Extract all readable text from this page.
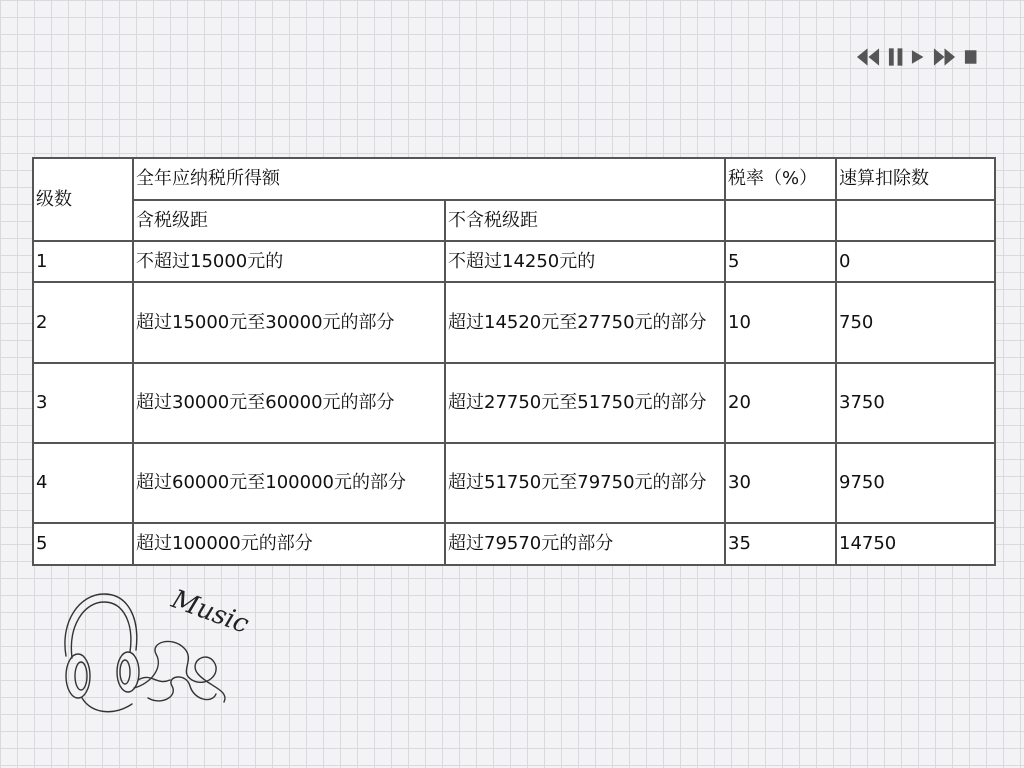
级数	全年应纳税所得额		税率（%）	速算扣除数
	含税级距	不含税级距		
1	不超过15000元的	不超过14250元的	5	0
2	超过15000元至30000元的部分	超过14520元至27750元的部分	10	750
3	超过30000元至60000元的部分	超过27750元至51750元的部分	20	3750
4	超过60000元至100000元的部分	超过51750元至79750元的部分	30	9750
5	超过100000元的部分	超过79570元的部分	35	14750
Music
